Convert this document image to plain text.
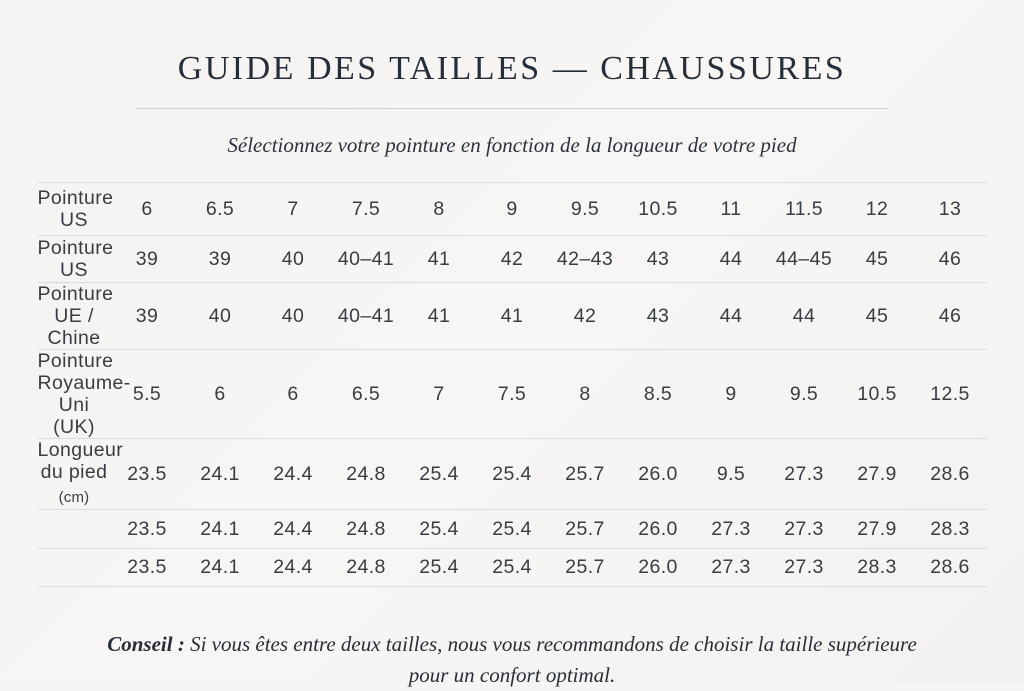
GUIDE DES TAILLES — CHAUSSURES

Sélectionnez votre pointure en fonction de la longueur de votre pied

Pointure US	6	6.5	7	7.5	8	9	9.5	10.5	11	11.5	12	13
Pointure US	39	39	40	40–41	41	42	42–43	43	44	44–45	45	46
Pointure UE / Chine	39	40	40	40–41	41	41	42	43	44	44	45	46
Pointure Royaume-Uni (UK)	5.5	6	6	6.5	7	7.5	8	8.5	9	9.5	10.5	12.5
Longueur du pied (cm)	23.5	24.1	24.4	24.8	25.4	25.4	25.7	26.0	9.5	27.3	27.9	28.6
	23.5	24.1	24.4	24.8	25.4	25.4	25.7	26.0	27.3	27.3	27.9	28.3
	23.5	24.1	24.4	24.8	25.4	25.4	25.7	26.0	27.3	27.3	28.3	28.6

Conseil : Si vous êtes entre deux tailles, nous vous recommandons de choisir la taille supérieure
pour un confort optimal.
